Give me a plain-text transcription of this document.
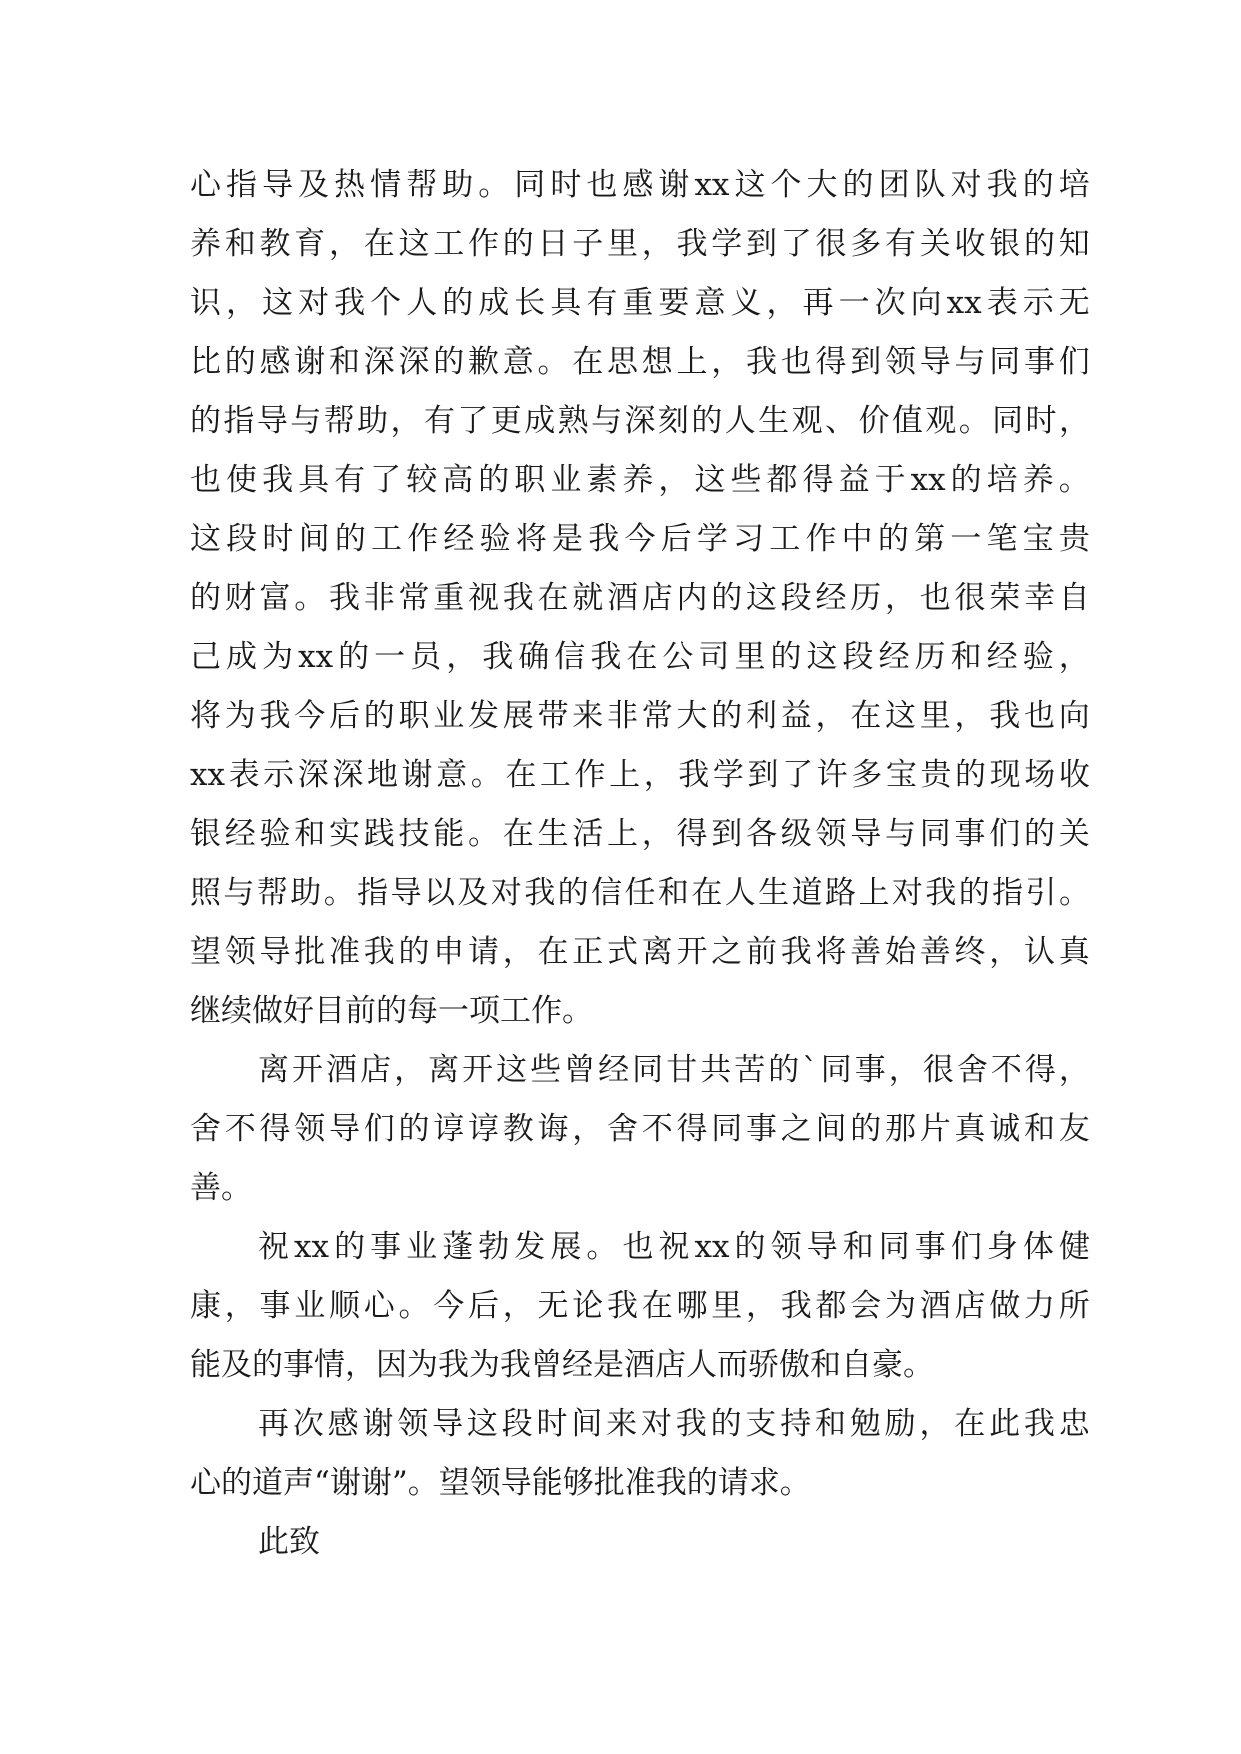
心 指 导 及 热 情 帮 助 。 同 时 也 感 谢 xx 这 个 大 的 团 队 对 我 的 培
养 和 教 育 ， 在 这 工 作 的 日 子 里 ， 我 学 到 了 很 多 有 关 收 银 的 知
识 ， 这 对 我 个 人 的 成 长 具 有 重 要 意 义 ， 再 一 次 向 xx 表 示 无
比 的 感 谢 和 深 深 的 歉 意 。 在 思 想 上 ， 我 也 得 到 领 导 与 同 事 们
的 指 导 与 帮 助 ， 有 了 更 成 熟 与 深 刻 的 人 生 观 、 价 值 观 。 同 时 ，
也 使 我 具 有 了 较 高 的 职 业 素 养 ， 这 些 都 得 益 于 xx 的 培 养 。
这 段 时 间 的 工 作 经 验 将 是 我 今 后 学 习 工 作 中 的 第 一 笔 宝 贵
的 财 富 。 我 非 常 重 视 我 在 就 酒 店 内 的 这 段 经 历 ， 也 很 荣 幸 自
己 成 为 xx 的 一 员 ， 我 确 信 我 在 公 司 里 的 这 段 经 历 和 经 验 ，
将 为 我 今 后 的 职 业 发 展 带 来 非 常 大 的 利 益 ， 在 这 里 ， 我 也 向
xx 表 示 深 深 地 谢 意 。 在 工 作 上 ， 我 学 到 了 许 多 宝 贵 的 现 场 收
银 经 验 和 实 践 技 能 。 在 生 活 上 ， 得 到 各 级 领 导 与 同 事 们 的 关
照 与 帮 助 。 指 导 以 及 对 我 的 信 任 和 在 人 生 道 路 上 对 我 的 指 引 。
望 领 导 批 准 我 的 申 请 ， 在 正 式 离 开 之 前 我 将 善 始 善 终 ， 认 真
继续做好目前的每一项工作。
离 开 酒 店 ， 离 开 这 些 曾 经 同 甘 共 苦 的 ` 同 事 ， 很 舍 不 得 ，
舍 不 得 领 导 们 的 谆 谆 教 诲 ， 舍 不 得 同 事 之 间 的 那 片 真 诚 和 友
善。
祝 xx 的 事 业 蓬 勃 发 展 。 也 祝 xx 的 领 导 和 同 事 们 身 体 健
康 ， 事 业 顺 心 。 今 后 ， 无 论 我 在 哪 里 ， 我 都 会 为 酒 店 做 力 所
能及的事情，因为我为我曾经是酒店人而骄傲和自豪。
再 次 感 谢 领 导 这 段 时 间 来 对 我 的 支 持 和 勉 励 ， 在 此 我 忠
心的道声“谢谢”。望领导能够批准我的请求。
此致
